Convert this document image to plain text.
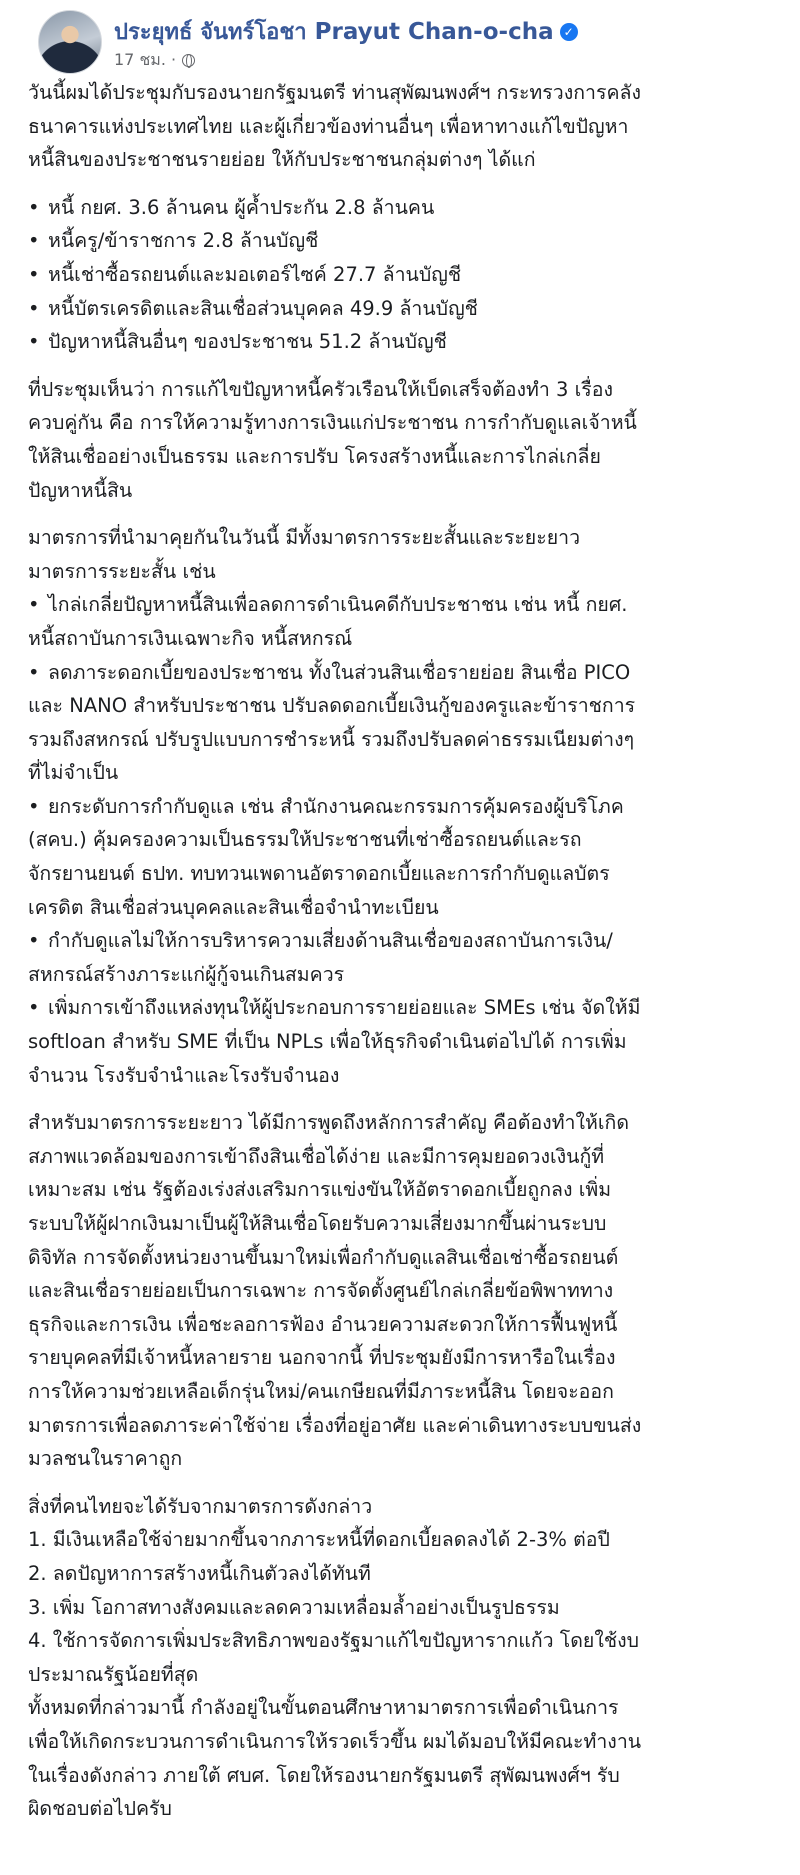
ประยุทธ์ จันทร์โอชา Prayut Chan-o-cha ✓
17 ชม. ·

วันนี้ผมได้ประชุมกับรองนายกรัฐมนตรี ท่านสุพัฒนพงศ์ฯ กระทรวงการคลัง
ธนาคารแห่งประเทศไทย และผู้เกี่ยวข้องท่านอื่นๆ เพื่อหาทางแก้ไขปัญหา
หนี้สินของประชาชนรายย่อย ให้กับประชาชนกลุ่มต่างๆ ได้แก่

• หนี้ กยศ. 3.6 ล้านคน ผู้ค้ำประกัน 2.8 ล้านคน
• หนี้ครู/ข้าราชการ 2.8 ล้านบัญชี
• หนี้เช่าซื้อรถยนต์และมอเตอร์ไซค์ 27.7 ล้านบัญชี
• หนี้บัตรเครดิตและสินเชื่อส่วนบุคคล 49.9 ล้านบัญชี
• ปัญหาหนี้สินอื่นๆ ของประชาชน 51.2 ล้านบัญชี

ที่ประชุมเห็นว่า การแก้ไขปัญหาหนี้ครัวเรือนให้เบ็ดเสร็จต้องทำ 3 เรื่อง
ควบคู่กัน คือ การให้ความรู้ทางการเงินแก่ประชาชน การกำกับดูแลเจ้าหนี้
ให้สินเชื่ออย่างเป็นธรรม และการปรับ โครงสร้างหนี้และการไกล่เกลี่ย
ปัญหาหนี้สิน

มาตรการที่นำมาคุยกันในวันนี้ มีทั้งมาตรการระยะสั้นและระยะยาว
มาตรการระยะสั้น เช่น

• ไกล่เกลี่ยปัญหาหนี้สินเพื่อลดการดำเนินคดีกับประชาชน เช่น หนี้ กยศ.
หนี้สถาบันการเงินเฉพาะกิจ หนี้สหกรณ์
• ลดภาระดอกเบี้ยของประชาชน ทั้งในส่วนสินเชื่อรายย่อย สินเชื่อ PICO
และ NANO สำหรับประชาชน ปรับลดดอกเบี้ยเงินกู้ของครูและข้าราชการ
รวมถึงสหกรณ์ ปรับรูปแบบการชำระหนี้ รวมถึงปรับลดค่าธรรมเนียมต่างๆ
ที่ไม่จำเป็น
• ยกระดับการกำกับดูแล เช่น สำนักงานคณะกรรมการคุ้มครองผู้บริโภค
(สคบ.) คุ้มครองความเป็นธรรมให้ประชาชนที่เช่าซื้อรถยนต์และรถ
จักรยานยนต์ ธปท. ทบทวนเพดานอัตราดอกเบี้ยและการกำกับดูแลบัตร
เครดิต สินเชื่อส่วนบุคคลและสินเชื่อจำนำทะเบียน
• กำกับดูแลไม่ให้การบริหารความเสี่ยงด้านสินเชื่อของสถาบันการเงิน/
สหกรณ์สร้างภาระแก่ผู้กู้จนเกินสมควร
• เพิ่มการเข้าถึงแหล่งทุนให้ผู้ประกอบการรายย่อยและ SMEs เช่น จัดให้มี
softloan สำหรับ SME ที่เป็น NPLs เพื่อให้ธุรกิจดำเนินต่อไปได้ การเพิ่ม
จำนวน โรงรับจำนำและโรงรับจำนอง

สำหรับมาตรการระยะยาว ได้มีการพูดถึงหลักการสำคัญ คือต้องทำให้เกิด
สภาพแวดล้อมของการเข้าถึงสินเชื่อได้ง่าย และมีการคุมยอดวงเงินกู้ที่
เหมาะสม เช่น รัฐต้องเร่งส่งเสริมการแข่งขันให้อัตราดอกเบี้ยถูกลง เพิ่ม
ระบบให้ผู้ฝากเงินมาเป็นผู้ให้สินเชื่อโดยรับความเสี่ยงมากขึ้นผ่านระบบ
ดิจิทัล การจัดตั้งหน่วยงานขึ้นมาใหม่เพื่อกำกับดูแลสินเชื่อเช่าซื้อรถยนต์
และสินเชื่อรายย่อยเป็นการเฉพาะ การจัดตั้งศูนย์ไกล่เกลี่ยข้อพิพาททาง
ธุรกิจและการเงิน เพื่อชะลอการฟ้อง อำนวยความสะดวกให้การฟื้นฟูหนี้
รายบุคคลที่มีเจ้าหนี้หลายราย นอกจากนี้ ที่ประชุมยังมีการหารือในเรื่อง
การให้ความช่วยเหลือเด็กรุ่นใหม่/คนเกษียณที่มีภาระหนี้สิน โดยจะออก
มาตรการเพื่อลดภาระค่าใช้จ่าย เรื่องที่อยู่อาศัย และค่าเดินทางระบบขนส่ง
มวลชนในราคาถูก

สิ่งที่คนไทยจะได้รับจากมาตรการดังกล่าว
1. มีเงินเหลือใช้จ่ายมากขึ้นจากภาระหนี้ที่ดอกเบี้ยลดลงได้ 2-3% ต่อปี
2. ลดปัญหาการสร้างหนี้เกินตัวลงได้ทันที
3. เพิ่ม โอกาสทางสังคมและลดความเหลื่อมล้ำอย่างเป็นรูปธรรม
4. ใช้การจัดการเพิ่มประสิทธิภาพของรัฐมาแก้ไขปัญหารากแก้ว โดยใช้งบ
ประมาณรัฐน้อยที่สุด

ทั้งหมดที่กล่าวมานี้ กำลังอยู่ในขั้นตอนศึกษาหามาตรการเพื่อดำเนินการ
เพื่อให้เกิดกระบวนการดำเนินการให้รวดเร็วขึ้น ผมได้มอบให้มีคณะทำงาน
ในเรื่องดังกล่าว ภายใต้ ศบศ. โดยให้รองนายกรัฐมนตรี สุพัฒนพงศ์ฯ รับ
ผิดชอบต่อไปครับ
